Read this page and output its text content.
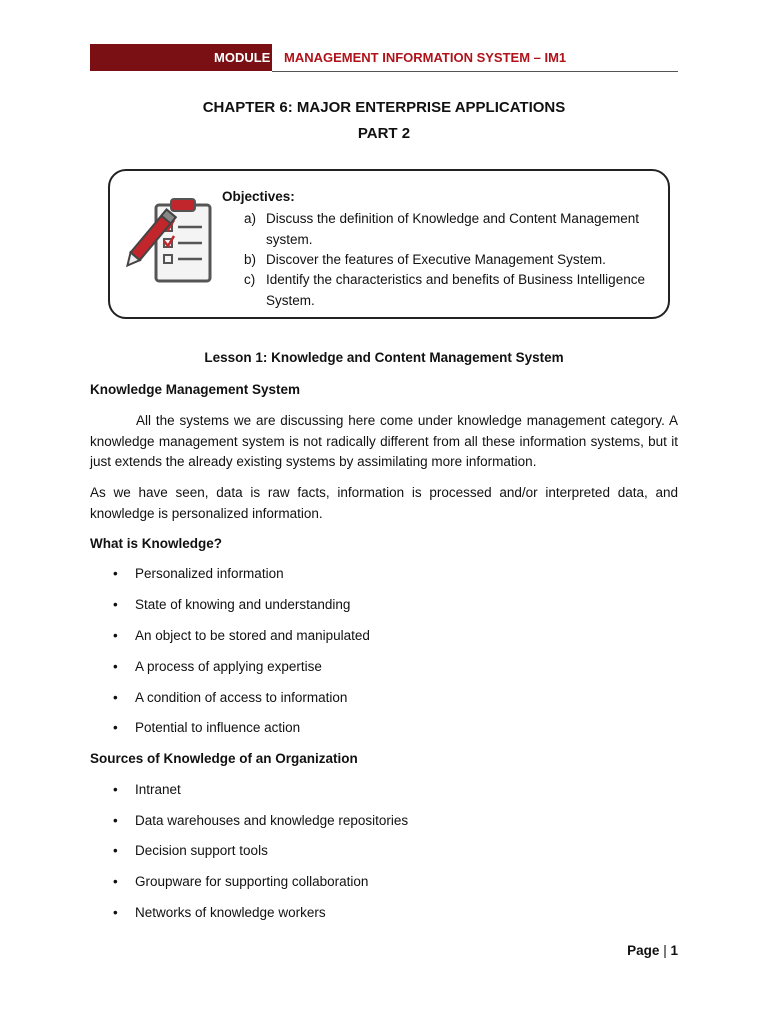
MODULE MANAGEMENT INFORMATION SYSTEM – IM1
CHAPTER 6: MAJOR ENTERPRISE APPLICATIONS
PART 2
Objectives:
a) Discuss the definition of Knowledge and Content Management system.
b) Discover the features of Executive Management System.
c) Identify the characteristics and benefits of Business Intelligence System.
Lesson 1: Knowledge and Content Management System
Knowledge Management System
All the systems we are discussing here come under knowledge management category. A knowledge management system is not radically different from all these information systems, but it just extends the already existing systems by assimilating more information.
As we have seen, data is raw facts, information is processed and/or interpreted data, and knowledge is personalized information.
What is Knowledge?
• Personalized information
• State of knowing and understanding
• An object to be stored and manipulated
• A process of applying expertise
• A condition of access to information
• Potential to influence action
Sources of Knowledge of an Organization
• Intranet
• Data warehouses and knowledge repositories
• Decision support tools
• Groupware for supporting collaboration
• Networks of knowledge workers
Page | 1
